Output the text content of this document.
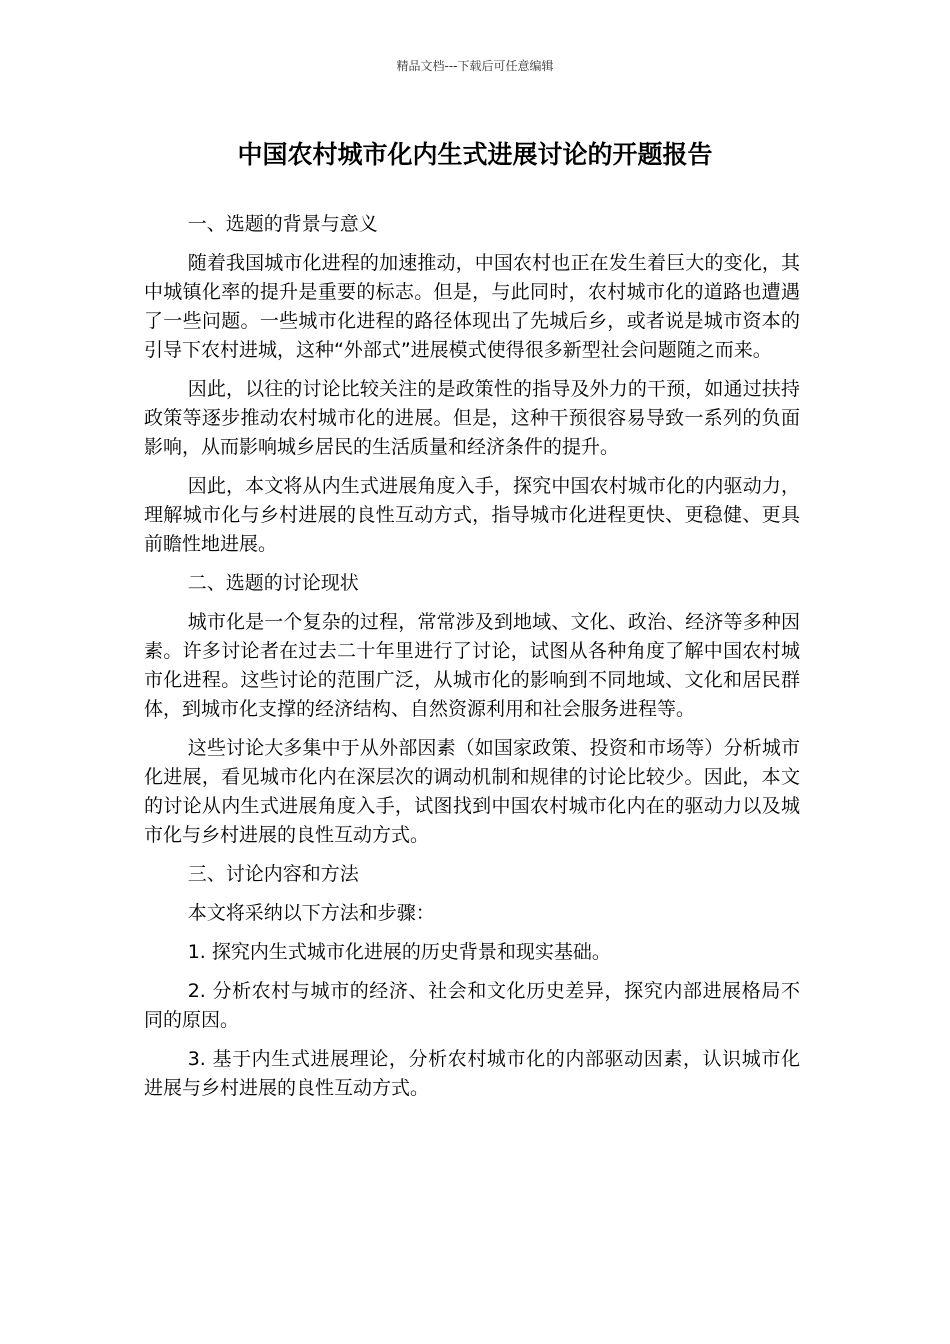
精品文档---下载后可任意编辑
中国农村城市化内生式进展讨论的开题报告

一、选题的背景与意义

随着我国城市化进程的加速推动，中国农村也正在发生着巨大的变化，其中城镇化率的提升是重要的标志。但是，与此同时，农村城市化的道路也遭遇了一些问题。一些城市化进程的路径体现出了先城后乡，或者说是城市资本的引导下农村进城，这种“外部式”进展模式使得很多新型社会问题随之而来。

因此，以往的讨论比较关注的是政策性的指导及外力的干预，如通过扶持政策等逐步推动农村城市化的进展。但是，这种干预很容易导致一系列的负面影响，从而影响城乡居民的生活质量和经济条件的提升。

因此，本文将从内生式进展角度入手，探究中国农村城市化的内驱动力，理解城市化与乡村进展的良性互动方式，指导城市化进程更快、更稳健、更具前瞻性地进展。

二、选题的讨论现状

城市化是一个复杂的过程，常常涉及到地域、文化、政治、经济等多种因素。许多讨论者在过去二十年里进行了讨论，试图从各种角度了解中国农村城市化进程。这些讨论的范围广泛，从城市化的影响到不同地域、文化和居民群体，到城市化支撑的经济结构、自然资源利用和社会服务进程等。

这些讨论大多集中于从外部因素（如国家政策、投资和市场等）分析城市化进展，看见城市化内在深层次的调动机制和规律的讨论比较少。因此，本文的讨论从内生式进展角度入手，试图找到中国农村城市化内在的驱动力以及城市化与乡村进展的良性互动方式。

三、讨论内容和方法

本文将采纳以下方法和步骤：

1. 探究内生式城市化进展的历史背景和现实基础。

2. 分析农村与城市的经济、社会和文化历史差异，探究内部进展格局不同的原因。

3. 基于内生式进展理论，分析农村城市化的内部驱动因素，认识城市化进展与乡村进展的良性互动方式。
